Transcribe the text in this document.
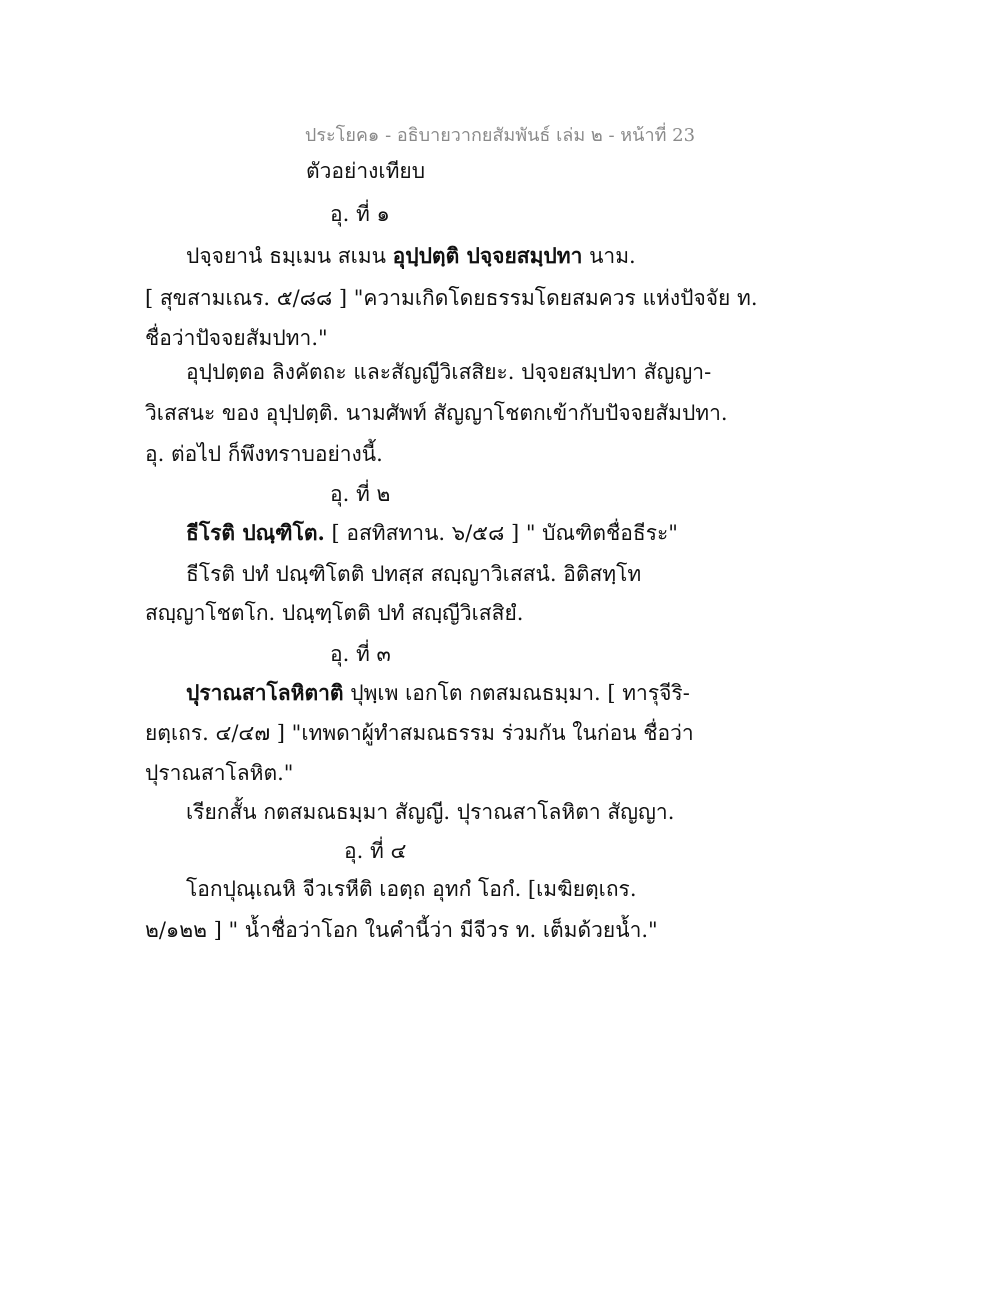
ประโยค๑ - อธิบายวากยสัมพันธ์ เล่ม ๒ - หน้าที่ 23
ตัวอย่างเทียบ
อุ. ที่ ๑
ปจฺจยานํ ธมฺเมน สเมน อุปฺปตฺติ ปจฺจยสมฺปทา นาม.
[ สุขสามเณร. ๕/๘๘ ] "ความเกิดโดยธรรมโดยสมควร แห่งปัจจัย ท.
ชื่อว่าปัจจยสัมปทา."
อุปฺปตฺตอ ลิงคัตถะ และสัญญีวิเสสิยะ. ปจฺจยสมฺปทา สัญญา-
วิเสสนะ ของ อุปฺปตฺติ. นามศัพท์ สัญญาโชตกเข้ากับปัจจยสัมปทา.
อุ. ต่อไป ก็พึงทราบอย่างนี้.
อุ. ที่ ๒
ธีโรติ ปณฺฑิโต. [ อสทิสทาน. ๖/๕๘ ] " บัณฑิตชื่อธีระ"
ธีโรติ ปทํ ปณฺฑิโตติ ปทสฺส สญฺญาวิเสสนํ. อิติสทฺโท
สญฺญาโชตโก. ปณฺฑฺโตติ ปทํ สญฺญีวิเสสิยํ.
อุ. ที่ ๓
ปุราณสาโลหิตาติ ปุพฺเพ เอกโต กตสมณธมฺมา. [ ทารุจีริ-
ยตฺเถร. ๔/๔๗ ] "เทพดาผู้ทำสมณธรรม ร่วมกัน ในก่อน ชื่อว่า
ปุราณสาโลหิต."
เรียกสั้น กตสมณธมฺมา สัญญี. ปุราณสาโลหิตา สัญญา.
อุ. ที่ ๔
โอกปุณฺเณหิ จีวเรหีติ เอตฺถ อุทกํ โอกํ. [เมฆิยตฺเถร.
๒/๑๒๒ ] " น้ำชื่อว่าโอก ในคำนี้ว่า มีจีวร ท. เต็มด้วยน้ำ."
